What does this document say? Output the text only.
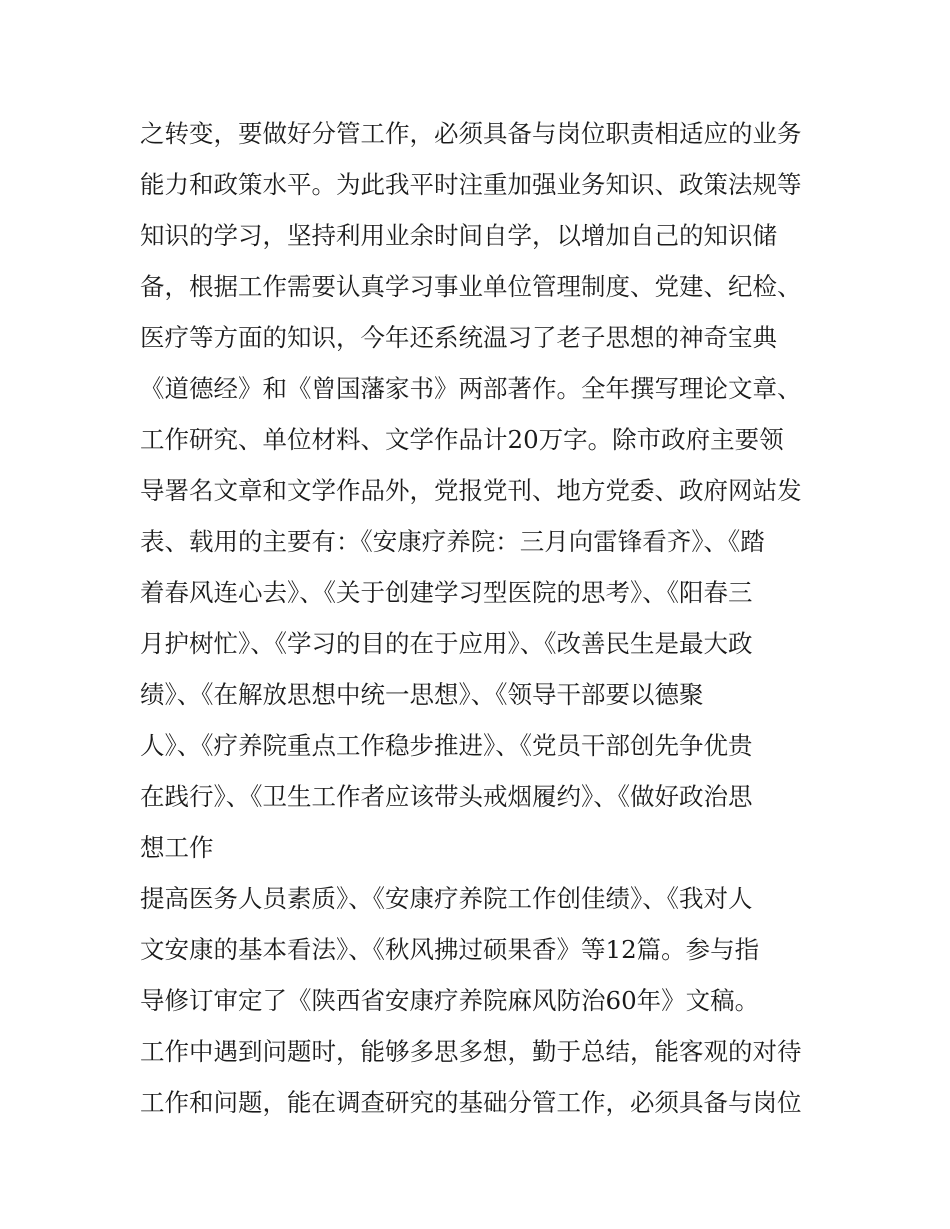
之转变，要做好分管工作，必须具备与岗位职责相适应的业务
能力和政策水平。为此我平时注重加强业务知识、政策法规等
知识的学习，坚持利用业余时间自学，以增加自己的知识储
备，根据工作需要认真学习事业单位管理制度、党建、纪检、
医疗等方面的知识，今年还系统温习了老子思想的神奇宝典
《道德经》和《曾国藩家书》两部著作。全年撰写理论文章、
工作研究、单位材料、文学作品计20万字。除市政府主要领
导署名文章和文学作品外，党报党刊、地方党委、政府网站发
表、载用的主要有：《安康疗养院：三月向雷锋看齐》、《踏
着春风连心去》、《关于创建学习型医院的思考》、《阳春三
月护树忙》、《学习的目的在于应用》、《改善民生是最大政
绩》、《在解放思想中统一思想》、《领导干部要以德聚
人》、《疗养院重点工作稳步推进》、《党员干部创先争优贵
在践行》、《卫生工作者应该带头戒烟履约》、《做好政治思
想工作
提高医务人员素质》、《安康疗养院工作创佳绩》、《我对人
文安康的基本看法》、《秋风拂过硕果香》等12篇。参与指
导修订审定了《陕西省安康疗养院麻风防治60年》文稿。
工作中遇到问题时，能够多思多想，勤于总结，能客观的对待
工作和问题，能在调查研究的基础分管工作，必须具备与岗位
